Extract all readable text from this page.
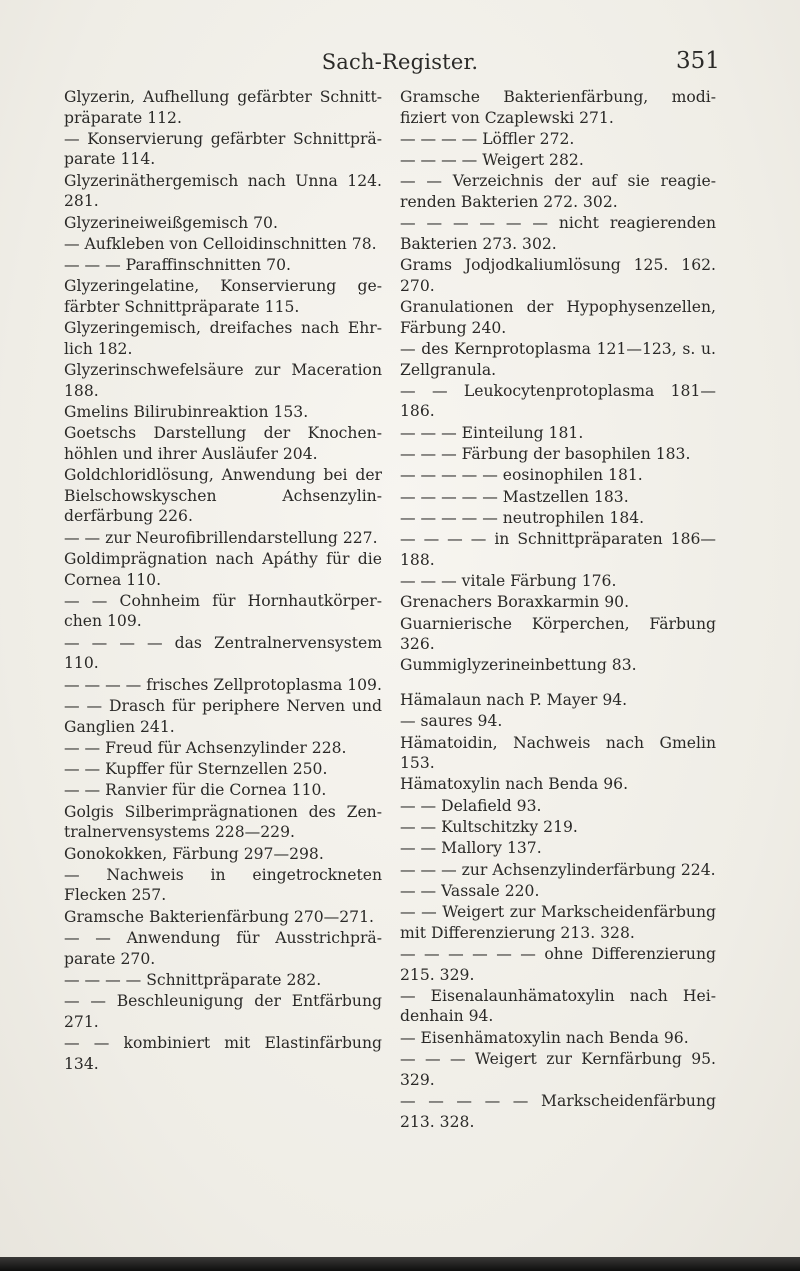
Sach-Register.	351
Glyzerin, Aufhellung gefärbter Schnitt-präparate 112.
— Konservierung gefärbter Schnittprä-parate 114.
Glyzerinäthergemisch nach Unna 124. 281.
Glyzerineiweißgemisch 70.
— Aufkleben von Celloidinschnitten 78.
— — — Paraffinschnitten 70.
Glyzeringelatine, Konservierung ge-färbter Schnittpräparate 115.
Glyzeringemisch, dreifaches nach Ehr-lich 182.
Glyzerinschwefelsäure zur Maceration 188.
Gmelins Bilirubinreaktion 153.
Goetschs Darstellung der Knochen-höhlen und ihrer Ausläufer 204.
Goldchloridlösung, Anwendung bei der Bielschowskyschen Achsenzylin-derfärbung 226.
— — zur Neurofibrillendarstellung 227.
Goldimprägnation nach Apáthy für die Cornea 110.
— — Cohnheim für Hornhautkörper-chen 109.
— — — — das Zentralnervensystem 110.
— — — — frisches Zellprotoplasma 109.
— — Drasch für periphere Nerven und Ganglien 241.
— — Freud für Achsenzylinder 228.
— — Kupffer für Sternzellen 250.
— — Ranvier für die Cornea 110.
Golgis Silberimprägnationen des Zen-tralnervensystems 228—229.
Gonokokken, Färbung 297—298.
— Nachweis in eingetrockneten Flecken 257.
Gramsche Bakterienfärbung 270—271.
— — Anwendung für Ausstrichprä-parate 270.
— — — — Schnittpräparate 282.
— — Beschleunigung der Entfärbung 271.
— — kombiniert mit Elastinfärbung 134.
Gramsche Bakterienfärbung, modi-fiziert von Czaplewski 271.
— — — — Löffler 272.
— — — — Weigert 282.
— — Verzeichnis der auf sie reagie-renden Bakterien 272. 302.
— — — — — — nicht reagierenden Bakterien 273. 302.
Grams Jodjodkaliumlösung 125. 162. 270.
Granulationen der Hypophysenzellen, Färbung 240.
— des Kernprotoplasma 121—123, s. u. Zellgranula.
— — Leukocytenprotoplasma 181—186.
— — — Einteilung 181.
— — — Färbung der basophilen 183.
— — — — — eosinophilen 181.
— — — — — Mastzellen 183.
— — — — — neutrophilen 184.
— — — — in Schnittpräparaten 186—188.
— — — vitale Färbung 176.
Grenachers Boraxkarmin 90.
Guarnierische Körperchen, Färbung 326.
Gummiglyzerineinbettung 83.
Hämalaun nach P. Mayer 94.
— saures 94.
Hämatoidin, Nachweis nach Gmelin 153.
Hämatoxylin nach Benda 96.
— — Delafield 93.
— — Kultschitzky 219.
— — Mallory 137.
— — — zur Achsenzylinderfärbung 224.
— — Vassale 220.
— — Weigert zur Markscheidenfärbung mit Differenzierung 213. 328.
— — — — — — ohne Differenzierung 215. 329.
— Eisenalaunhämatoxylin nach Hei-denhain 94.
— Eisenhämatoxylin nach Benda 96.
— — — Weigert zur Kernfärbung 95. 329.
— — — — — Markscheidenfärbung 213. 328.
